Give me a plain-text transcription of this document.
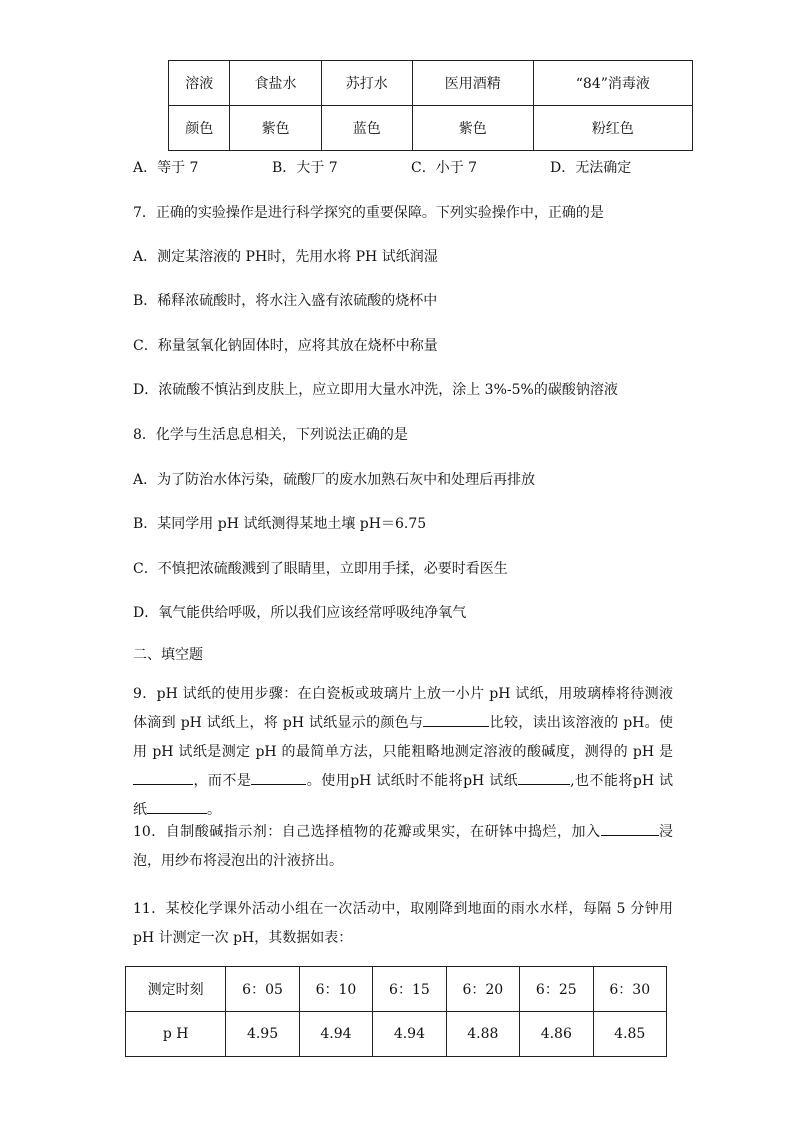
溶液	食盐水	苏打水	医用酒精	“84”消毒液
颜色	紫色	蓝色	紫色	粉红色
A．等于 7	B．大于 7	C．小于 7	D．无法确定
7．正确的实验操作是进行科学探究的重要保障。下列实验操作中，正确的是
A．测定某溶液的 PH时，先用水将 PH 试纸润湿
B．稀释浓硫酸时，将水注入盛有浓硫酸的烧杯中
C．称量氢氧化钠固体时，应将其放在烧杯中称量
D．浓硫酸不慎沾到皮肤上，应立即用大量水冲洗，涂上 3%-5%的碳酸钠溶液
8．化学与生活息息相关，下列说法正确的是
A．为了防治水体污染，硫酸厂的废水加熟石灰中和处理后再排放
B．某同学用 pH 试纸测得某地土壤 pH＝6.75
C．不慎把浓硫酸溅到了眼睛里，立即用手揉，必要时看医生
D．氧气能供给呼吸，所以我们应该经常呼吸纯净氧气
二、填空题
9．pH 试纸的使用步骤：在白瓷板或玻璃片上放一小片 pH 试纸，用玻璃棒将待测液体滴到 pH 试纸上，将 pH 试纸显示的颜色与	比较，读出该溶液的 pH。使用 pH 试纸是测定 pH 的最简单方法，只能粗略地测定溶液的酸碱度，测得的 pH 是，而不是	。使用pH 试纸时不能将pH 试纸	,也不能将pH 试纸	。
10．自制酸碱指示剂：自己选择植物的花瓣或果实，在研钵中捣烂，加入	浸泡，用纱布将浸泡出的汁液挤出。
11．某校化学课外活动小组在一次活动中，取刚降到地面的雨水水样，每隔 5 分钟用 pH 计测定一次 pH，其数据如表：
测定时刻	6：05	6：10	6：15	6：20	6：25	6：30
p H	4.95	4.94	4.94	4.88	4.86	4.85
